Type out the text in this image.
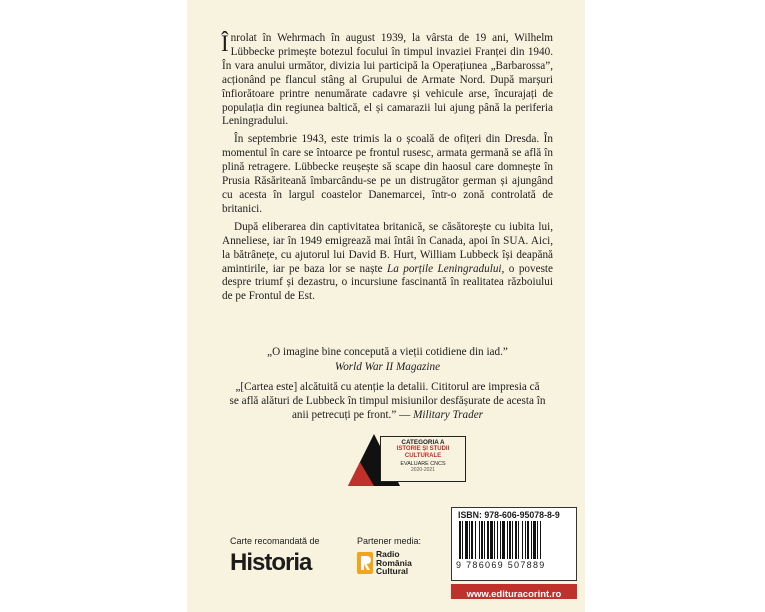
Înrolat în Wehrmach în august 1939, la vârsta de 19 ani, Wilhelm Lübbecke primește botezul focului în timpul invaziei Franței din 1940. În vara anului următor, divizia lui participă la Operațiunea „Barbarossa”, acționând pe flancul stâng al Grupului de Armate Nord. După marșuri înfiorătoare printre nenumărate cadavre și vehicule arse, încurajați de populația din regiunea baltică, el și camarazii lui ajung până la periferia Leningradului.

În septembrie 1943, este trimis la o școală de ofițeri din Dresda. În momentul în care se întoarce pe frontul rusesc, armata germană se află în plină retragere. Lübbecke reușește să scape din haosul care domnește în Prusia Răsăriteană îmbarcându-se pe un distrugător german și ajungând cu acesta în largul coastelor Danemarcei, într-o zonă controlată de britanici.

După eliberarea din captivitatea britanică, se căsătorește cu iubita lui, Anneliese, iar în 1949 emigrează mai întâi în Canada, apoi în SUA. Aici, la bătrânețe, cu ajutorul lui David B. Hurt, William Lubbeck își deapănă amintirile, iar pe baza lor se naște La porțile Leningradului, o poveste despre triumf și dezastru, o incursiune fascinantă în realitatea războiului de pe Frontul de Est.

„O imagine bine concepută a vieții cotidiene din iad.”
World War II Magazine
„[Cartea este] alcătuită cu atenție la detalii. Cititorul are impresia că
se află alături de Lubbeck în timpul misiunilor desfășurate de acesta în
anii petrecuți pe front.” — Military Trader
CATEGORIA A
ISTORIE ȘI STUDII
CULTURALE
EVALUARE CNCS
2020-2021
Carte recomandată de
Historia
Partener media:
Radio
România
Cultural
ISBN: 978-606-95078-8-9
9 786069 507889
www.edituracorint.ro
